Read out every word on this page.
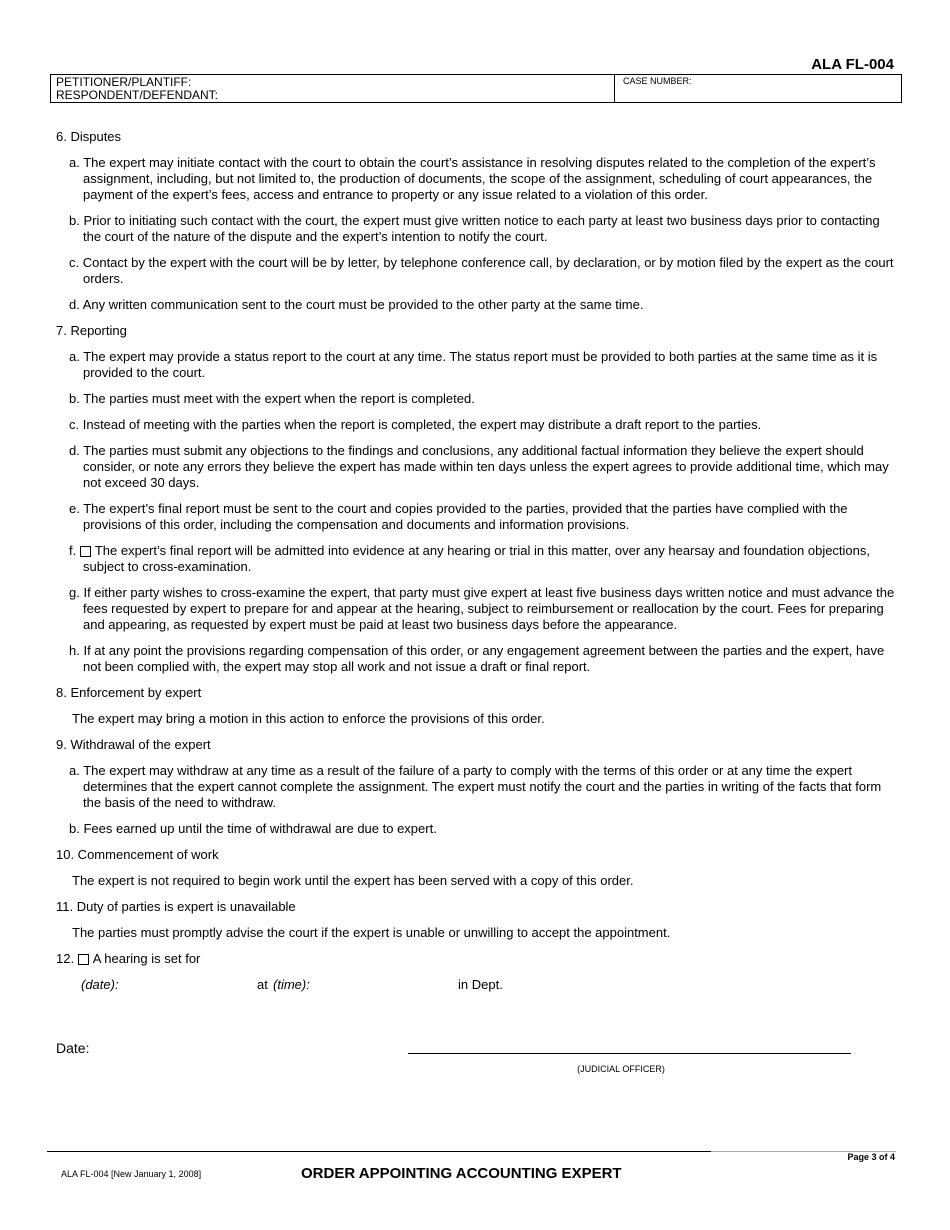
ALA FL-004
PETITIONER/PLANTIFF:
RESPONDENT/DEFENDANT:
CASE NUMBER:
6. Disputes
a. The expert may initiate contact with the court to obtain the court’s assistance in resolving disputes related to the completion of the expert’s assignment, including, but not limited to, the production of documents, the scope of the assignment, scheduling of court appearances, the payment of the expert’s fees, access and entrance to property or any issue related to a violation of this order.
b. Prior to initiating such contact with the court, the expert must give written notice to each party at least two business days prior to contacting the court of the nature of the dispute and the expert’s intention to notify the court.
c. Contact by the expert with the court will be by letter, by telephone conference call, by declaration, or by motion filed by the expert as the court orders.
d. Any written communication sent to the court must be provided to the other party at the same time.
7. Reporting
a. The expert may provide a status report to the court at any time. The status report must be provided to both parties at the same time as it is provided to the court.
b. The parties must meet with the expert when the report is completed.
c. Instead of meeting with the parties when the report is completed, the expert may distribute a draft report to the parties.
d. The parties must submit any objections to the findings and conclusions, any additional factual information they believe the expert should consider, or note any errors they believe the expert has made within ten days unless the expert agrees to provide additional time, which may not exceed 30 days.
e. The expert’s final report must be sent to the court and copies provided to the parties, provided that the parties have complied with the provisions of this order, including the compensation and documents and information provisions.
f. The expert’s final report will be admitted into evidence at any hearing or trial in this matter, over any hearsay and foundation objections, subject to cross-examination.
g. If either party wishes to cross-examine the expert, that party must give expert at least five business days written notice and must advance the fees requested by expert to prepare for and appear at the hearing, subject to reimbursement or reallocation by the court. Fees for preparing and appearing, as requested by expert must be paid at least two business days before the appearance.
h. If at any point the provisions regarding compensation of this order, or any engagement agreement between the parties and the expert, have not been complied with, the expert may stop all work and not issue a draft or final report.
8. Enforcement by expert
The expert may bring a motion in this action to enforce the provisions of this order.
9. Withdrawal of the expert
a. The expert may withdraw at any time as a result of the failure of a party to comply with the terms of this order or at any time the expert determines that the expert cannot complete the assignment. The expert must notify the court and the parties in writing of the facts that form the basis of the need to withdraw.
b. Fees earned up until the time of withdrawal are due to expert.
10. Commencement of work
The expert is not required to begin work until the expert has been served with a copy of this order.
11. Duty of parties is expert is unavailable
The parties must promptly advise the court if the expert is unable or unwilling to accept the appointment.
12. A hearing is set for
(date):	at (time):	in Dept.
Date:
(JUDICIAL OFFICER)
Page 3 of 4
ALA FL-004 [New January 1, 2008]	ORDER APPOINTING ACCOUNTING EXPERT
